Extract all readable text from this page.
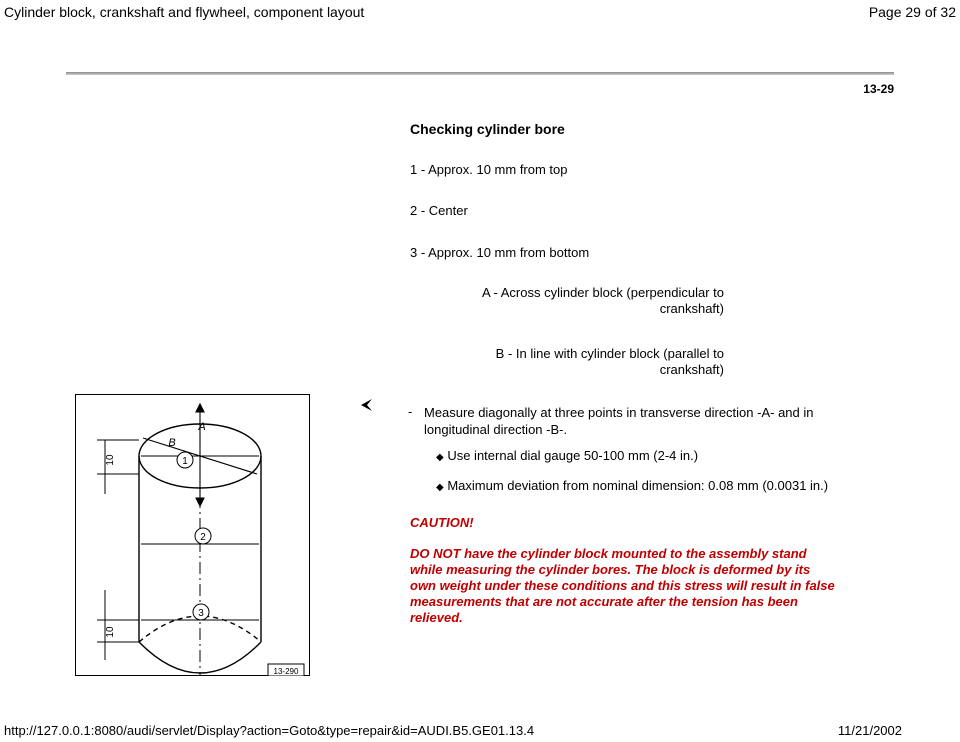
Cylinder block, crankshaft and flywheel, component layout	Page 29 of 32
13-29
Checking cylinder bore
1 - Approx. 10 mm from top
2 - Center
3 - Approx. 10 mm from bottom
A - Across cylinder block (perpendicular to
crankshaft)
B - In line with cylinder block (parallel to
crankshaft)
1
2
3
A
B
10
10
13-290
- Measure diagonally at three points in transverse direction -A- and in
longitudinal direction -B-.
◆ Use internal dial gauge 50-100 mm (2-4 in.)
◆ Maximum deviation from nominal dimension: 0.08 mm (0.0031 in.)
CAUTION!
DO NOT have the cylinder block mounted to the assembly stand
while measuring the cylinder bores. The block is deformed by its
own weight under these conditions and this stress will result in false
measurements that are not accurate after the tension has been
relieved.
http://127.0.0.1:8080/audi/servlet/Display?action=Goto&type=repair&id=AUDI.B5.GE01.13.4	11/21/2002
